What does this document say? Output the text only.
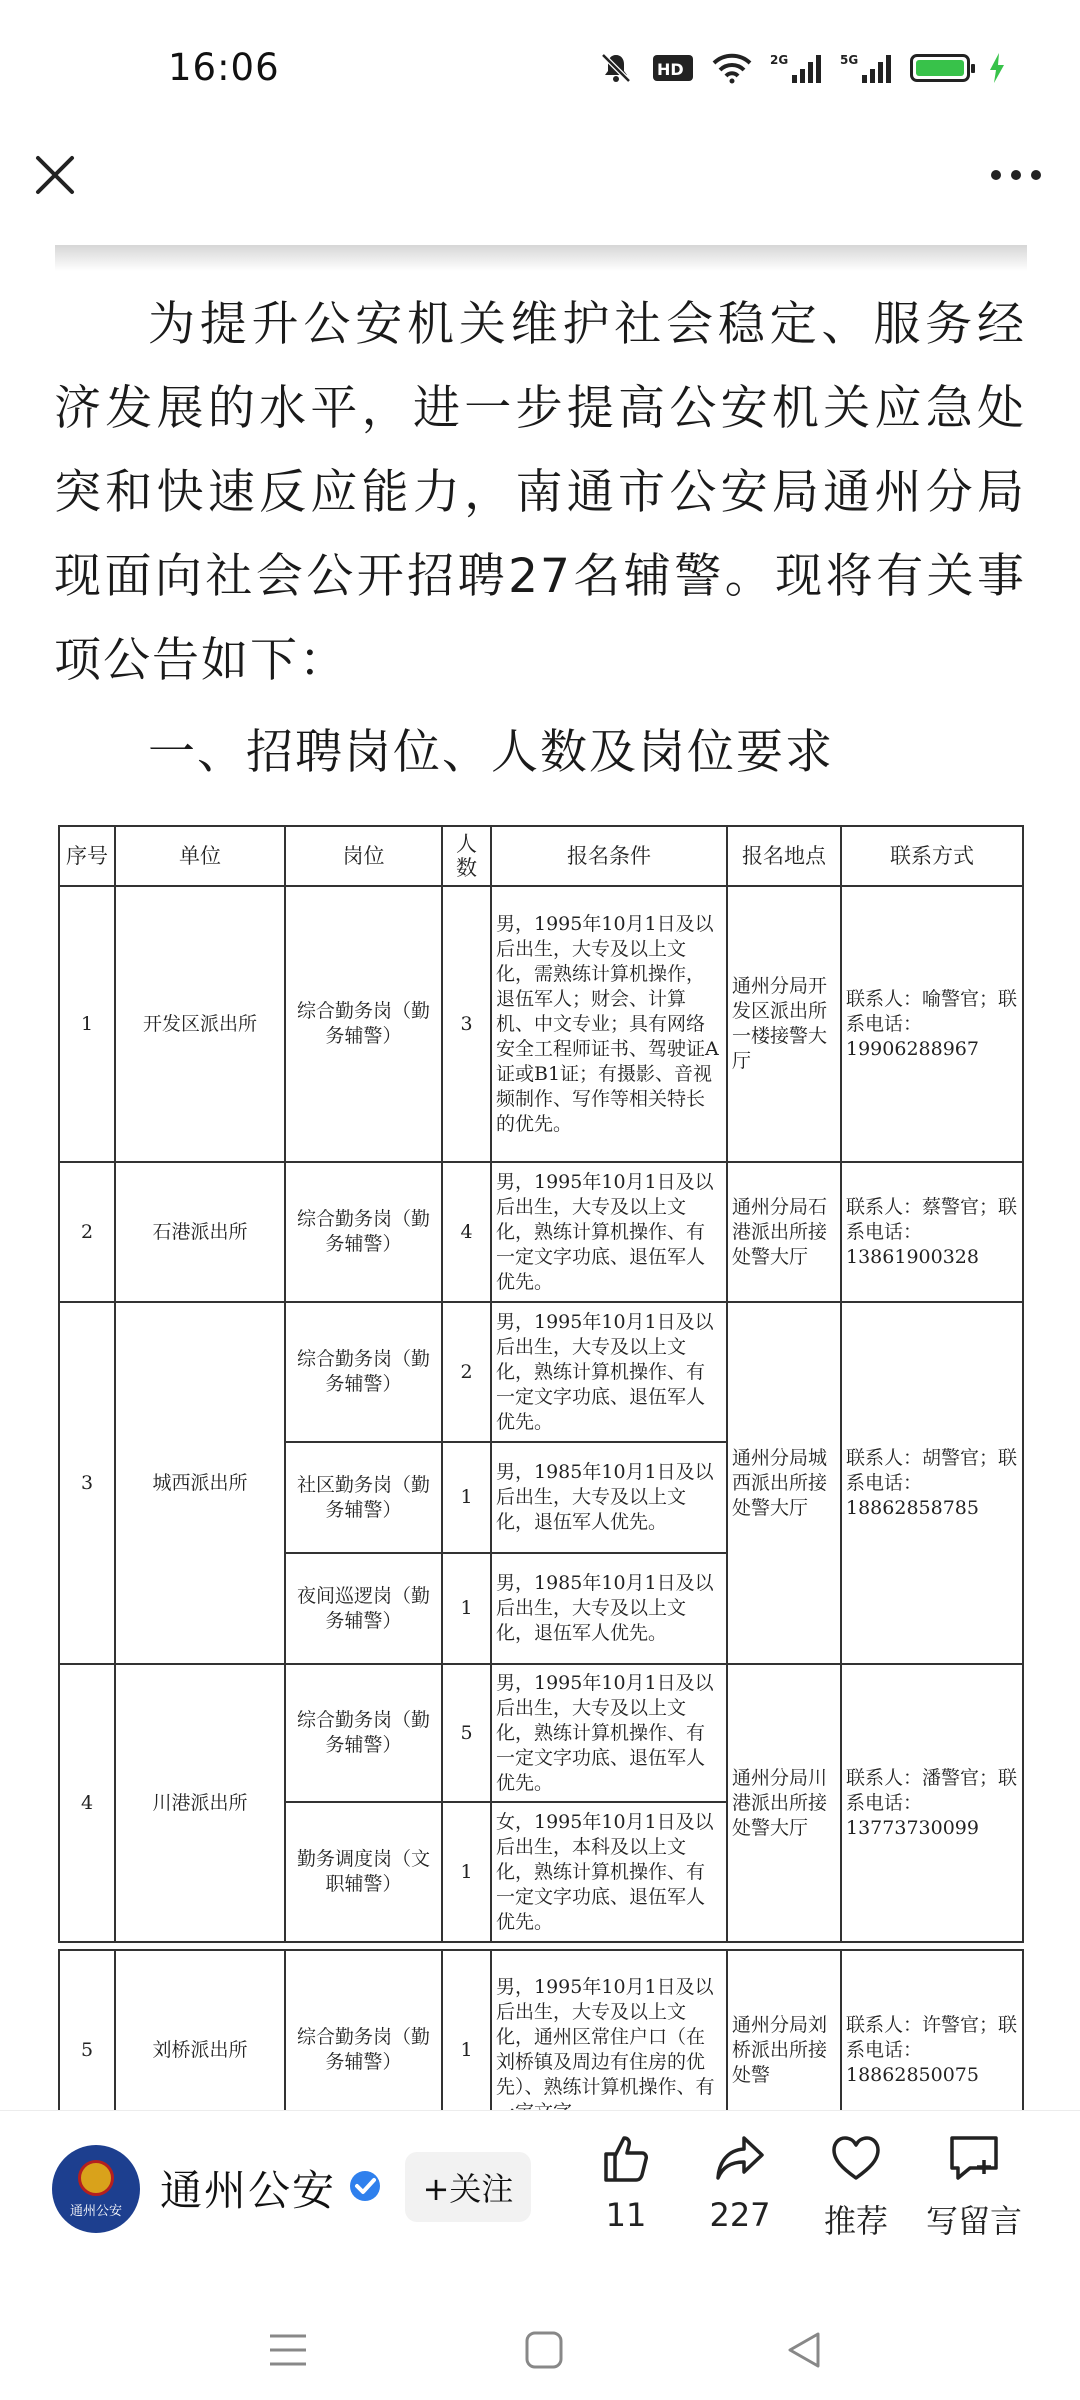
16:06	HD	2G	5G

为提升公安机关维护社会稳定、服务经济发展的水平，进一步提高公安机关应急处突和快速反应能力，南通市公安局通州分局现面向社会公开招聘27名辅警。现将有关事项公告如下：

一、招聘岗位、人数及岗位要求

序号	单位	岗位	人数	报名条件	报名地点	联系方式
1	开发区派出所	综合勤务岗（勤务辅警）	3	男，1995年10月1日及以后出生，大专及以上文化，需熟练计算机操作，退伍军人；财会、计算机、中文专业；具有网络安全工程师证书、驾驶证A证或B1证；有摄影、音视频制作、写作等相关特长的优先。	通州分局开发区派出所一楼接警大厅	联系人：喻警官；联系电话：19906288967
2	石港派出所	综合勤务岗（勤务辅警）	4	男，1995年10月1日及以后出生，大专及以上文化，熟练计算机操作、有一定文字功底、退伍军人优先。	通州分局石港派出所接处警大厅	联系人：蔡警官；联系电话：13861900328
3	城西派出所	综合勤务岗（勤务辅警）	2	男，1995年10月1日及以后出生，大专及以上文化，熟练计算机操作、有一定文字功底、退伍军人优先。	通州分局城西派出所接处警大厅	联系人：胡警官；联系电话：18862858785
		社区勤务岗（勤务辅警）	1	男，1985年10月1日及以后出生，大专及以上文化，退伍军人优先。		
		夜间巡逻岗（勤务辅警）	1	男，1985年10月1日及以后出生，大专及以上文化，退伍军人优先。		
4	川港派出所	综合勤务岗（勤务辅警）	5	男，1995年10月1日及以后出生，大专及以上文化，熟练计算机操作、有一定文字功底、退伍军人优先。	通州分局川港派出所接处警大厅	联系人：潘警官；联系电话：13773730099
		勤务调度岗（文职辅警）	1	女，1995年10月1日及以后出生，本科及以上文化，熟练计算机操作、有一定文字功底、退伍军人优先。		

5	刘桥派出所	综合勤务岗（勤务辅警）	1	男，1995年10月1日及以后出生，大专及以上文化，通州区常住户口（在刘桥镇及周边有住房的优先）、熟练计算机操作、有	通州分局刘桥派出所接处警	联系人：许警官；联系电话：18862850075
通州公安 通州公安	+关注
11	227	推荐	写留言
